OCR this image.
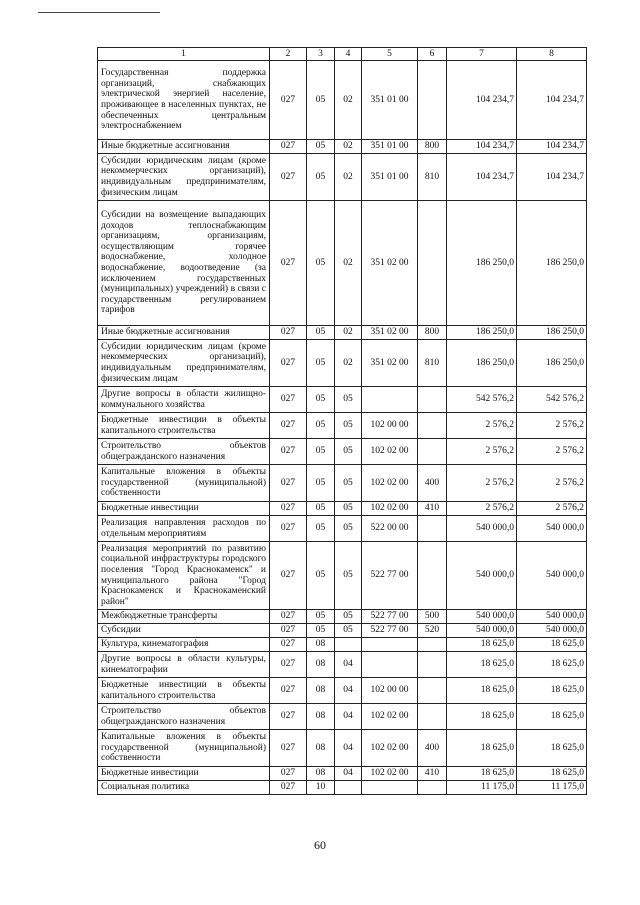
1	2	3	4	5	6	7	8
Государственная поддержка организаций, снабжающих электрической энергией население, проживающее в населенных пунктах, не обеспеченных центральным электроснабжением	027	05	02	351 01 00		104 234,7	104 234,7
Иные бюджетные ассигнования	027	05	02	351 01 00	800	104 234,7	104 234,7
Субсидии юридическим лицам (кроме некоммерческих организаций), индивидуальным предпринимателям, физическим лицам	027	05	02	351 01 00	810	104 234,7	104 234,7
Субсидии на возмещение выпадающих доходов теплоснабжающим организациям, организациям, осуществляющим горячее водоснабжение, холодное водоснабжение, водоотведение (за исключением государственных (муниципальных) учреждений) в связи с государственным регулированием тарифов	027	05	02	351 02 00		186 250,0	186 250,0
Иные бюджетные ассигнования	027	05	02	351 02 00	800	186 250,0	186 250,0
Субсидии юридическим лицам (кроме некоммерческих организаций), индивидуальным предпринимателям, физическим лицам	027	05	02	351 02 00	810	186 250,0	186 250,0
Другие вопросы в области жилищно-коммунального хозяйства	027	05	05			542 576,2	542 576,2
Бюджетные инвестиции в объекты капитального строительства	027	05	05	102 00 00		2 576,2	2 576,2
Строительство объектов общегражданского назначения	027	05	05	102 02 00		2 576,2	2 576,2
Капитальные вложения в объекты государственной (муниципальной) собственности	027	05	05	102 02 00	400	2 576,2	2 576,2
Бюджетные инвестиции	027	05	05	102 02 00	410	2 576,2	2 576,2
Реализация направления расходов по отдельным мероприятиям	027	05	05	522 00 00		540 000,0	540 000,0
Реализация мероприятий по развитию социальной инфраструктуры городского поселения "Город Краснокаменск" и муниципального района "Город Краснокаменск и Краснокаменский район"	027	05	05	522 77 00		540 000,0	540 000,0
Межбюджетные трансферты	027	05	05	522 77 00	500	540 000,0	540 000,0
Субсидии	027	05	05	522 77 00	520	540 000,0	540 000,0
Культура, кинематография	027	08				18 625,0	18 625,0
Другие вопросы в области культуры, кинематографии	027	08	04			18 625,0	18 625,0
Бюджетные инвестиции в объекты капитального строительства	027	08	04	102 00 00		18 625,0	18 625,0
Строительство объектов общегражданского назначения	027	08	04	102 02 00		18 625,0	18 625,0
Капитальные вложения в объекты государственной (муниципальной) собственности	027	08	04	102 02 00	400	18 625,0	18 625,0
Бюджетные инвестиции	027	08	04	102 02 00	410	18 625,0	18 625,0
Социальная политика	027	10				11 175,0	11 175,0
60
